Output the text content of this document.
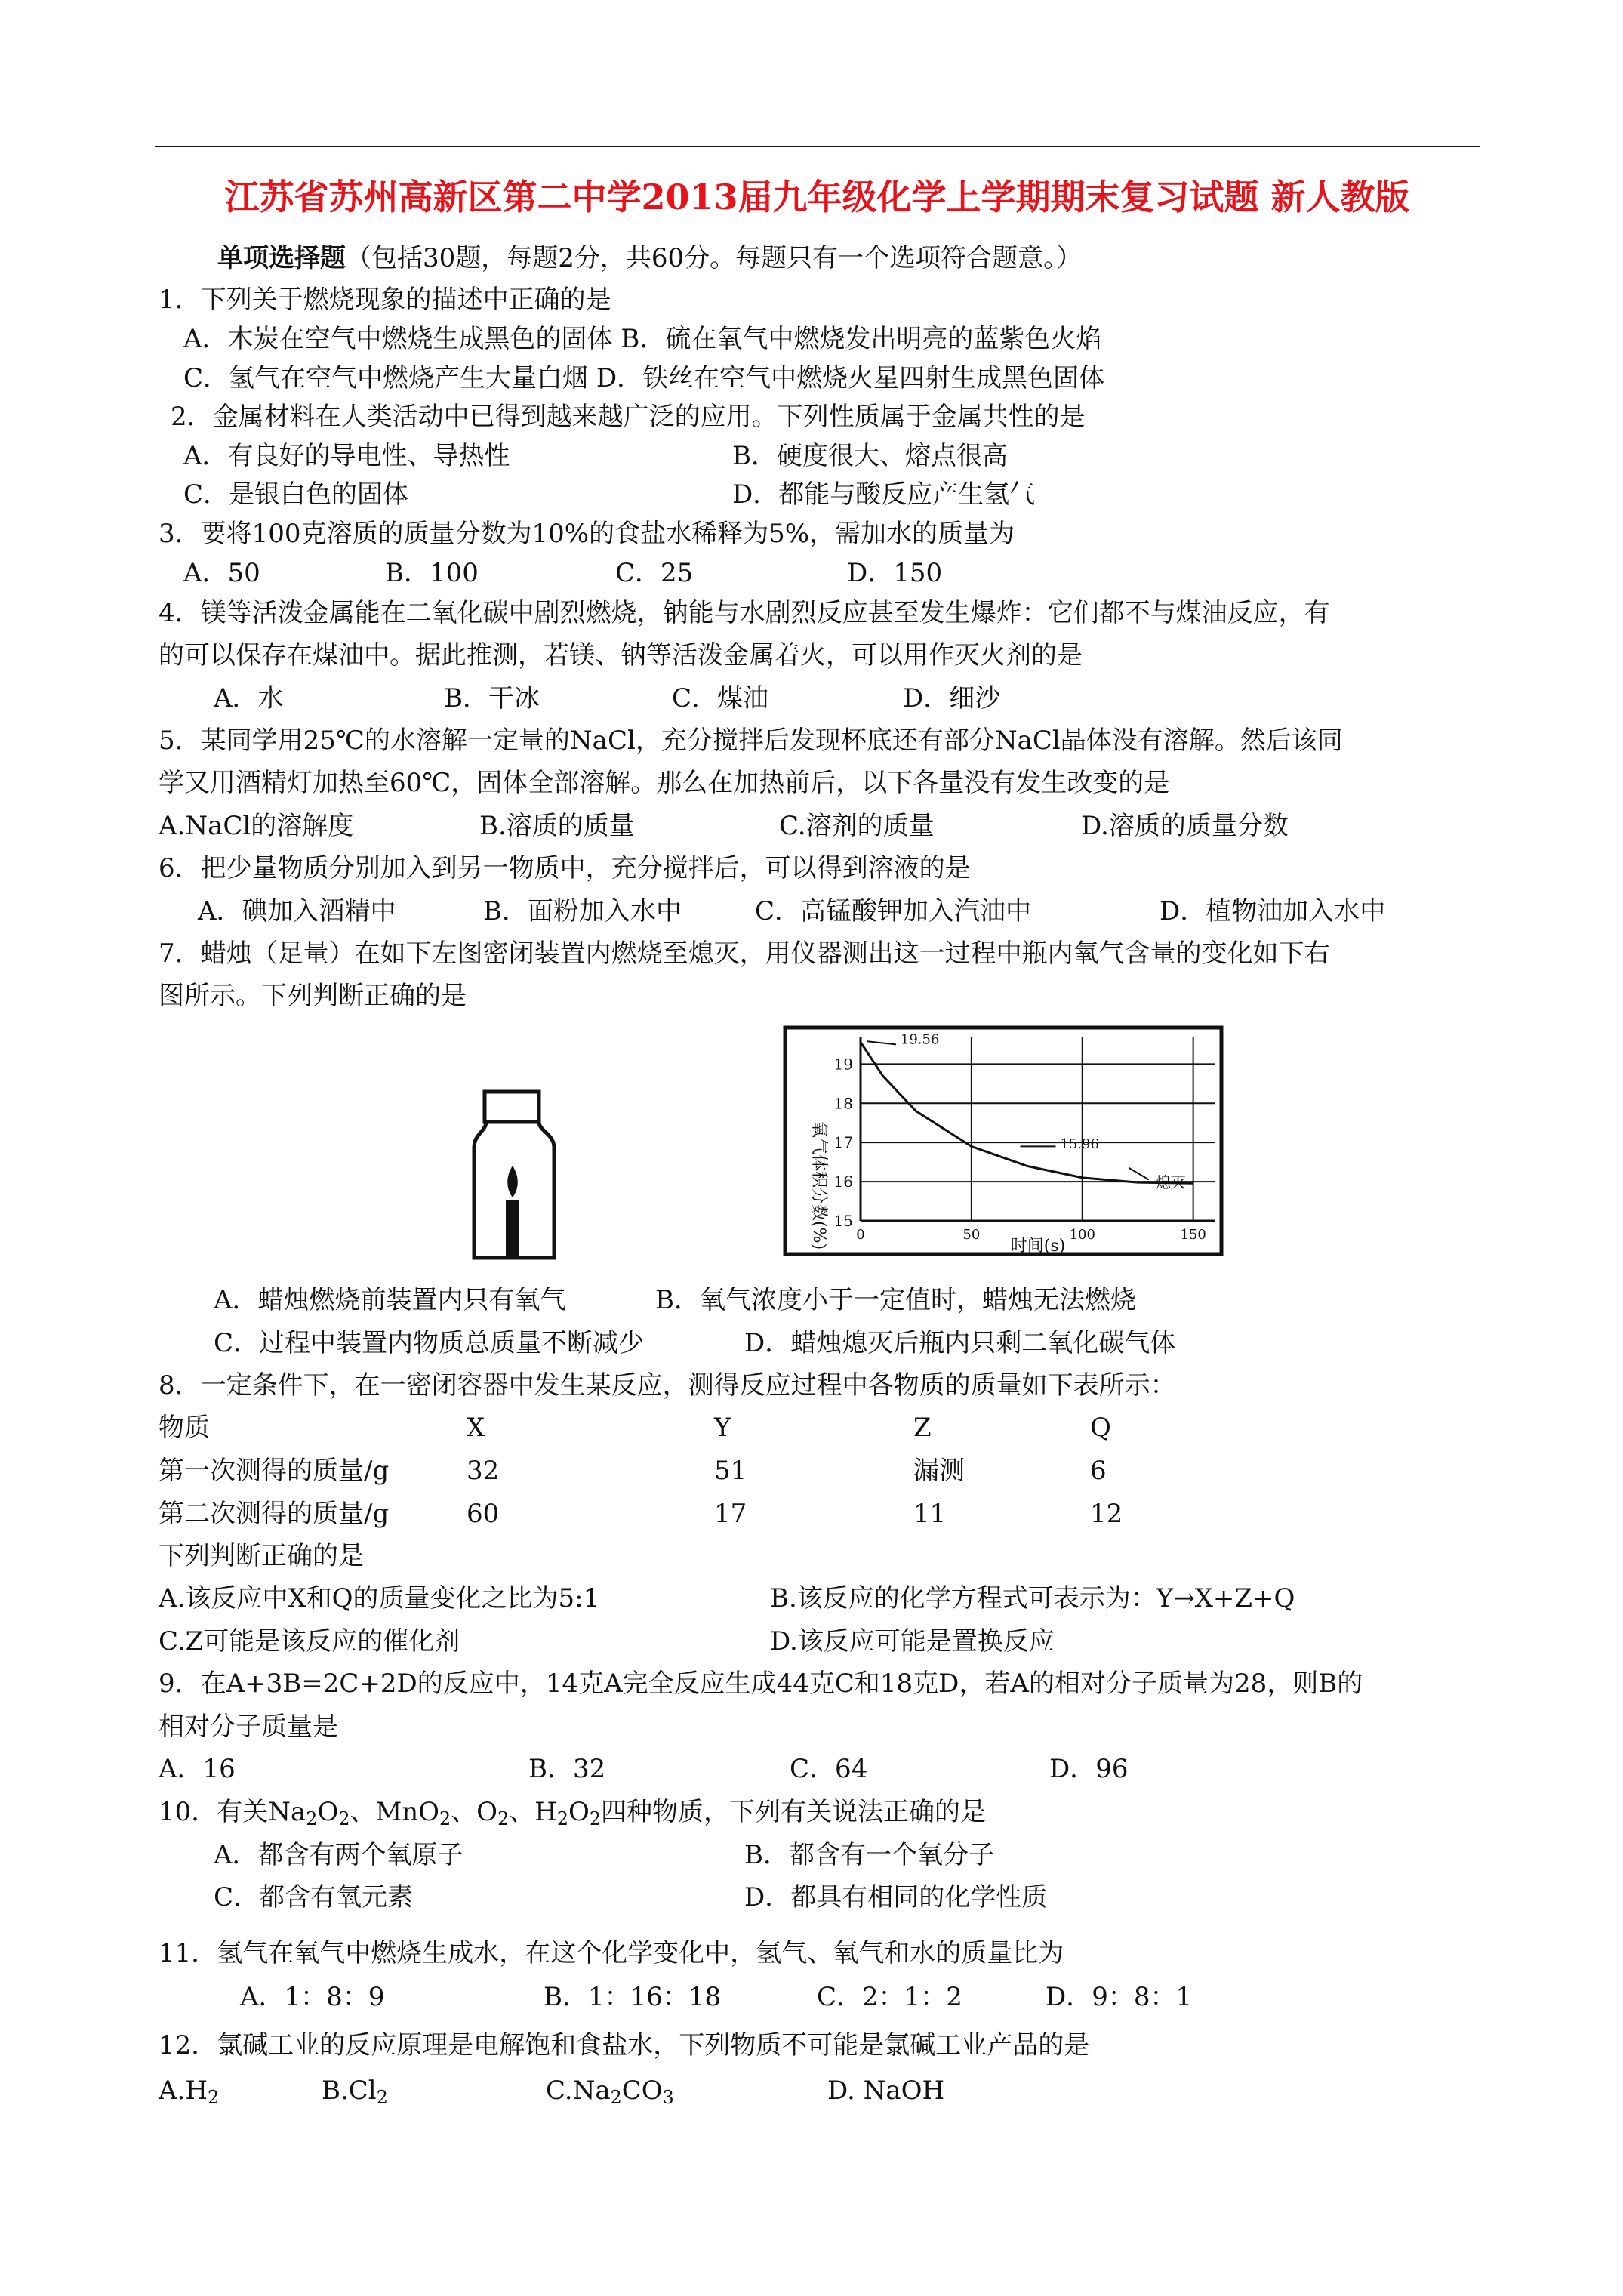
江苏省苏州高新区第二中学2013届九年级化学上学期期末复习试题 新人教版
单项选择题（包括30题，每题2分，共60分。每题只有一个选项符合题意。）
1．下列关于燃烧现象的描述中正确的是
A．木炭在空气中燃烧生成黑色的固体 B．硫在氧气中燃烧发出明亮的蓝紫色火焰
C．氢气在空气中燃烧产生大量白烟 D．铁丝在空气中燃烧火星四射生成黑色固体
2．金属材料在人类活动中已得到越来越广泛的应用。下列性质属于金属共性的是
A．有良好的导电性、导热性	B．硬度很大、熔点很高
C．是银白色的固体	D．都能与酸反应产生氢气
3．要将100克溶质的质量分数为10%的食盐水稀释为5%，需加水的质量为
A．50	B．100	C．25	D．150
4．镁等活泼金属能在二氧化碳中剧烈燃烧，钠能与水剧烈反应甚至发生爆炸：它们都不与煤油反应，有
的可以保存在煤油中。据此推测，若镁、钠等活泼金属着火，可以用作灭火剂的是
A．水	B．干冰	C．煤油	D．细沙
5．某同学用25℃的水溶解一定量的NaCl，充分搅拌后发现杯底还有部分NaCl晶体没有溶解。然后该同
学又用酒精灯加热至60℃，固体全部溶解。那么在加热前后，以下各量没有发生改变的是
A.NaCl的溶解度	B.溶质的质量	C.溶剂的质量	D.溶质的质量分数
6．把少量物质分别加入到另一物质中，充分搅拌后，可以得到溶液的是
A．碘加入酒精中	B．面粉加入水中	C．高锰酸钾加入汽油中	D．植物油加入水中
7．蜡烛（足量）在如下左图密闭装置内燃烧至熄灭，用仪器测出这一过程中瓶内氧气含量的变化如下右
图所示。下列判断正确的是
氧气体积分数(%) 15
16
17
18
19
0	50	100	150
时间(s)
19.56
15.96
熄灭
A．蜡烛燃烧前装置内只有氧气	B．氧气浓度小于一定值时，蜡烛无法燃烧
C．过程中装置内物质总质量不断减少	D．蜡烛熄灭后瓶内只剩二氧化碳气体
8．一定条件下，在一密闭容器中发生某反应，测得反应过程中各物质的质量如下表所示：
物质	X	Y	Z	Q
第一次测得的质量/g	32	51	漏测	6
第二次测得的质量/g	60	17	11	12
下列判断正确的是
A.该反应中X和Q的质量变化之比为5:1	B.该反应的化学方程式可表示为：Y→X+Z+Q
C.Z可能是该反应的催化剂	D.该反应可能是置换反应
9．在A+3B=2C+2D的反应中，14克A完全反应生成44克C和18克D，若A的相对分子质量为28，则B的
相对分子质量是
A．16	B．32	C．64	D．96
10．有关$Na_2O_2$、MnO$_2$、$O_2$、$H_2O_2$四种物质，下列有关说法正确的是
A．都含有两个氧原子	B．都含有一个氧分子
C．都含有氧元素	D．都具有相同的化学性质
11．氢气在氧气中燃烧生成水，在这个化学变化中，氢气、氧气和水的质量比为
A．1：8：9	B．1：16：18	C．2：1：2	D．9：8：1
12．氯碱工业的反应原理是电解饱和食盐水，下列物质不可能是氯碱工业产品的是
$A.H_2$	$B.Cl_2$	$C.Na_2CO_3$	D. NaOH
